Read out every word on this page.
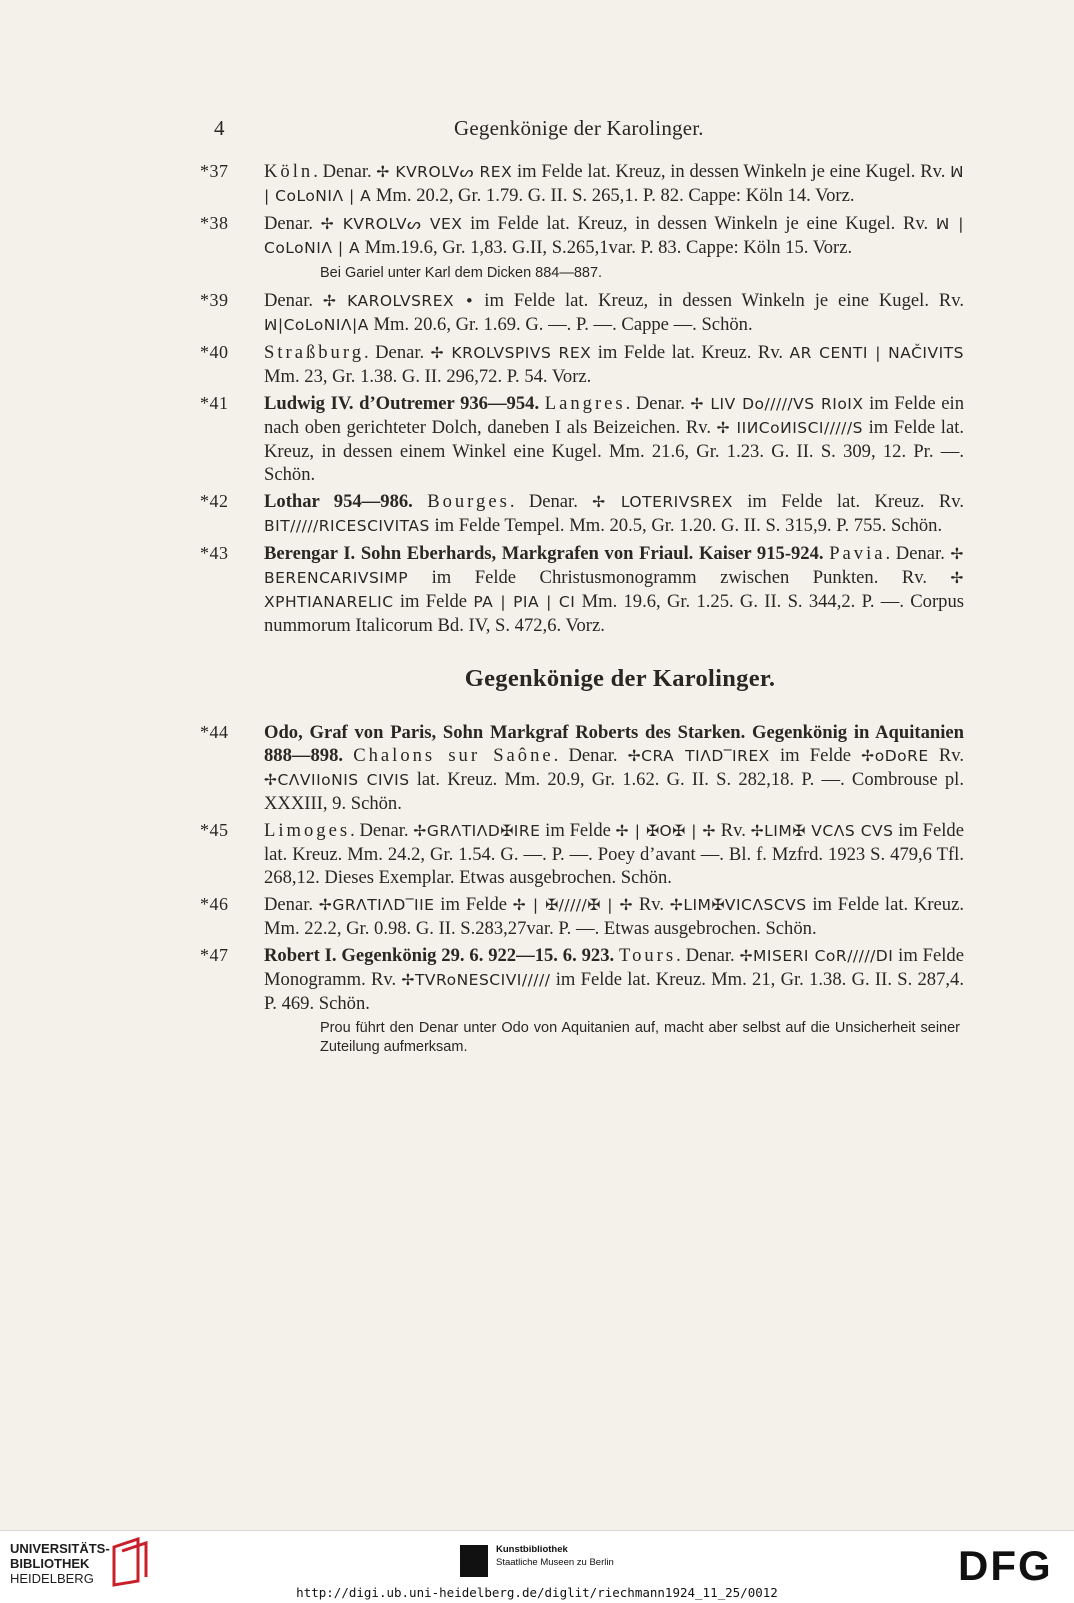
4	Gegenkönige der Karolinger.
*37	Köln. Denar. ✢ KVROLVᔕ REX im Felde lat. Kreuz, in dessen Winkeln je eine Kugel. Rv. ꟽ | CoLoNIΛ | A Mm. 20.2, Gr. 1.79. G. II. S. 265,1. P. 82. Cappe: Köln 14. Vorz.
*38	Denar. ✢ KVROLVᔕ VEX im Felde lat. Kreuz, in dessen Winkeln je eine Kugel. Rv. ꟽ | CoLoNIΛ | A Mm.19.6, Gr. 1,83. G.II, S.265,1var. P. 83. Cappe: Köln 15. Vorz.
Bei Gariel unter Karl dem Dicken 884—887.
*39	Denar. ✢ KAROLVSREX • im Felde lat. Kreuz, in dessen Winkeln je eine Kugel. Rv. ꟽ|CoLoNIΛ|A Mm. 20.6, Gr. 1.69. G. —. P. —. Cappe —. Schön.
*40	Straßburg. Denar. ✢ KROLVSPIVS REX im Felde lat. Kreuz. Rv. AR CENTI | NAČIVITS Mm. 23, Gr. 1.38. G. II. 296,72. P. 54. Vorz.
*41	Ludwig IV. d’Outremer 936—954. Langres. Denar. ✢ LIV Do/////VS RIoIX im Felde ein nach oben gerichteter Dolch, daneben I als Beizeichen. Rv. ✢ IIИCoИISCI/////S im Felde lat. Kreuz, in dessen einem Winkel eine Kugel. Mm. 21.6, Gr. 1.23. G. II. S. 309, 12. Pr. —. Schön.
*42	Lothar 954—986. Bourges. Denar. ✢ LOTERIVSREX im Felde lat. Kreuz. Rv. BIT/////RICESCIVITAS im Felde Tempel. Mm. 20.5, Gr. 1.20. G. II. S. 315,9. P. 755. Schön.
*43	Berengar I. Sohn Eberhards, Markgrafen von Friaul. Kaiser 915-924. Pavia. Denar. ✢ BERENCARIVSIMP im Felde Christusmonogramm zwischen Punkten. Rv. ✢ XPHTIANARELIC im Felde PA | PIA | CI Mm. 19.6, Gr. 1.25. G. II. S. 344,2. P. —. Corpus nummorum Italicorum Bd. IV, S. 472,6. Vorz.
Gegenkönige der Karolinger.
*44	Odo, Graf von Paris, Sohn Markgraf Roberts des Starken. Gegenkönig in Aquitanien 888—898. Chalons sur Saône. Denar. ✢CRA TIΛD‾IREX im Felde ✢oDoRE Rv. ✢CΛVIIoNIS CIVIS lat. Kreuz. Mm. 20.9, Gr. 1.62. G. II. S. 282,18. P. —. Combrouse pl. XXXIII, 9. Schön.
*45	Limoges. Denar. ✢GRΛTIΛD✠IRE im Felde ✢ | ✠O✠ | ✢ Rv. ✢LIM✠ VCΛS CVS im Felde lat. Kreuz. Mm. 24.2, Gr. 1.54. G. —. P. —. Poey d’avant —. Bl. f. Mzfrd. 1923 S. 479,6 Tfl. 268,12. Dieses Exemplar. Etwas ausgebrochen. Schön.
*46	Denar. ✢GRΛTIΛD‾IIE im Felde ✢ | ✠/////✠ | ✢ Rv. ✢LIM✠VICΛSCVS im Felde lat. Kreuz. Mm. 22.2, Gr. 0.98. G. II. S.283,27var. P. —. Etwas ausgebrochen. Schön.
*47	Robert I. Gegenkönig 29. 6. 922—15. 6. 923. Tours. Denar. ✢MISERI CoR/////DI im Felde Monogramm. Rv. ✢TVRoNESCIVI///// im Felde lat. Kreuz. Mm. 21, Gr. 1.38. G. II. S. 287,4. P. 469. Schön.
Prou führt den Denar unter Odo von Aquitanien auf, macht aber selbst auf die Unsicherheit seiner Zuteilung aufmerksam.
UNIVERSITÄTS-
BIBLIOTHEK
HEIDELBERG
Kunstbibliothek
Staatliche Museen zu Berlin	DFG
http://digi.ub.uni-heidelberg.de/diglit/riechmann1924_11_25/0012
